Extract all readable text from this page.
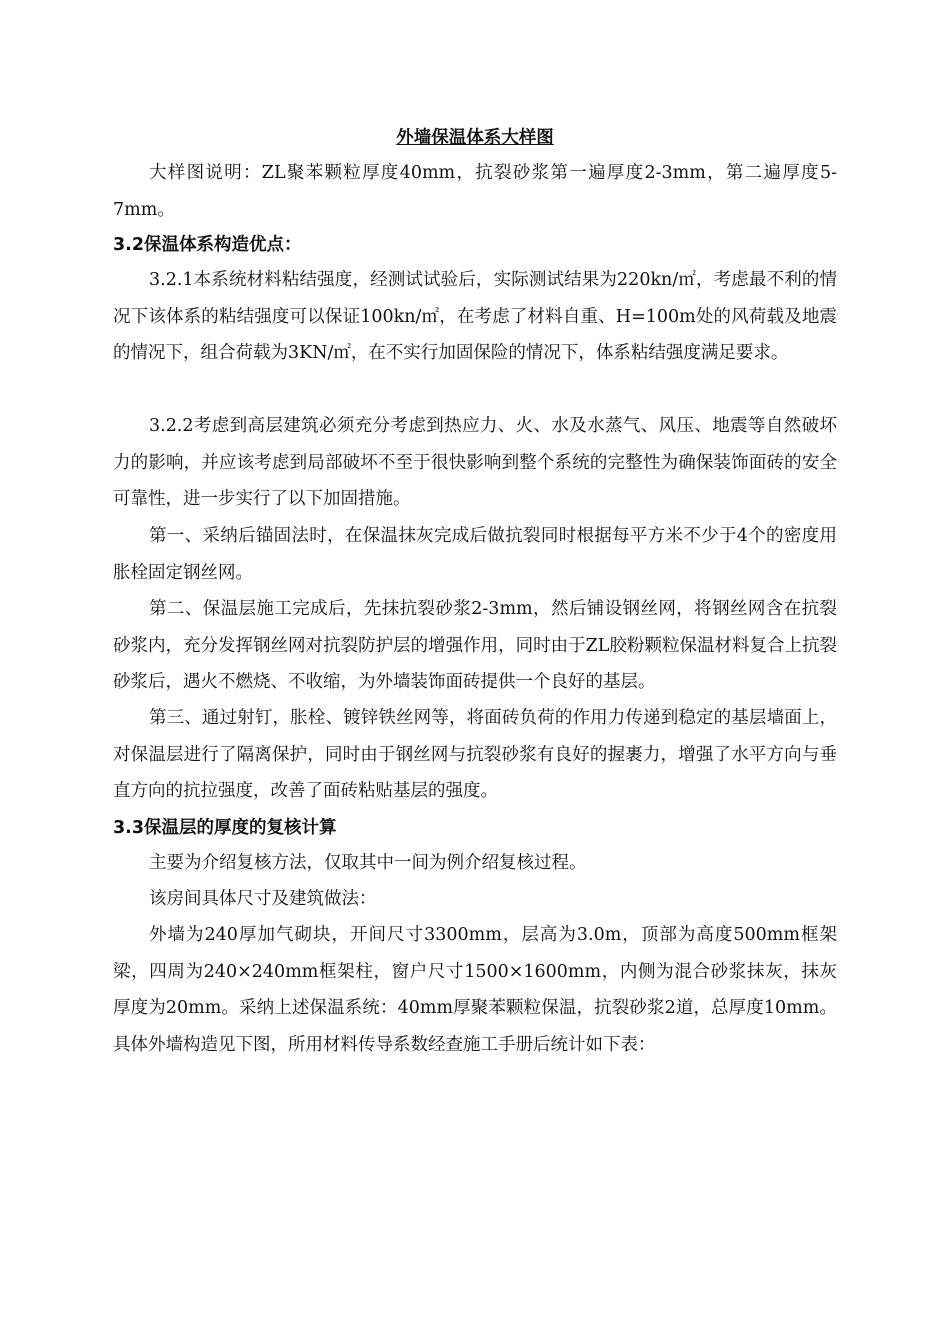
外墙保温体系大样图
大样图说明：ZL聚苯颗粒厚度40mm，抗裂砂浆第一遍厚度2-3mm，第二遍厚度5-7mm。
3.2保温体系构造优点：
3.2.1本系统材料粘结强度，经测试试验后，实际测试结果为220kn/㎡，考虑最不利的情况下该体系的粘结强度可以保证100kn/㎡，在考虑了材料自重、H=100m处的风荷载及地震的情况下，组合荷载为3KN/㎡，在不实行加固保险的情况下，体系粘结强度满足要求。
3.2.2考虑到高层建筑必须充分考虑到热应力、火、水及水蒸气、风压、地震等自然破坏力的影响，并应该考虑到局部破坏不至于很快影响到整个系统的完整性为确保装饰面砖的安全可靠性，进一步实行了以下加固措施。
第一、采纳后锚固法时，在保温抹灰完成后做抗裂同时根据每平方米不少于4个的密度用胀栓固定钢丝网。
第二、保温层施工完成后，先抹抗裂砂浆2-3mm，然后铺设钢丝网，将钢丝网含在抗裂砂浆内，充分发挥钢丝网对抗裂防护层的增强作用，同时由于ZL胶粉颗粒保温材料复合上抗裂砂浆后，遇火不燃烧、不收缩，为外墙装饰面砖提供一个良好的基层。
第三、通过射钉，胀栓、镀锌铁丝网等，将面砖负荷的作用力传递到稳定的基层墙面上，对保温层进行了隔离保护，同时由于钢丝网与抗裂砂浆有良好的握裹力，增强了水平方向与垂直方向的抗拉强度，改善了面砖粘贴基层的强度。
3.3保温层的厚度的复核计算
主要为介绍复核方法，仅取其中一间为例介绍复核过程。
该房间具体尺寸及建筑做法：
外墙为240厚加气砌块，开间尺寸3300mm，层高为3.0m，顶部为高度500mm框架梁，四周为240×240mm框架柱，窗户尺寸1500×1600mm，内侧为混合砂浆抹灰，抹灰厚度为20mm。采纳上述保温系统：40mm厚聚苯颗粒保温，抗裂砂浆2道，总厚度10mm。具体外墙构造见下图，所用材料传导系数经查施工手册后统计如下表：
